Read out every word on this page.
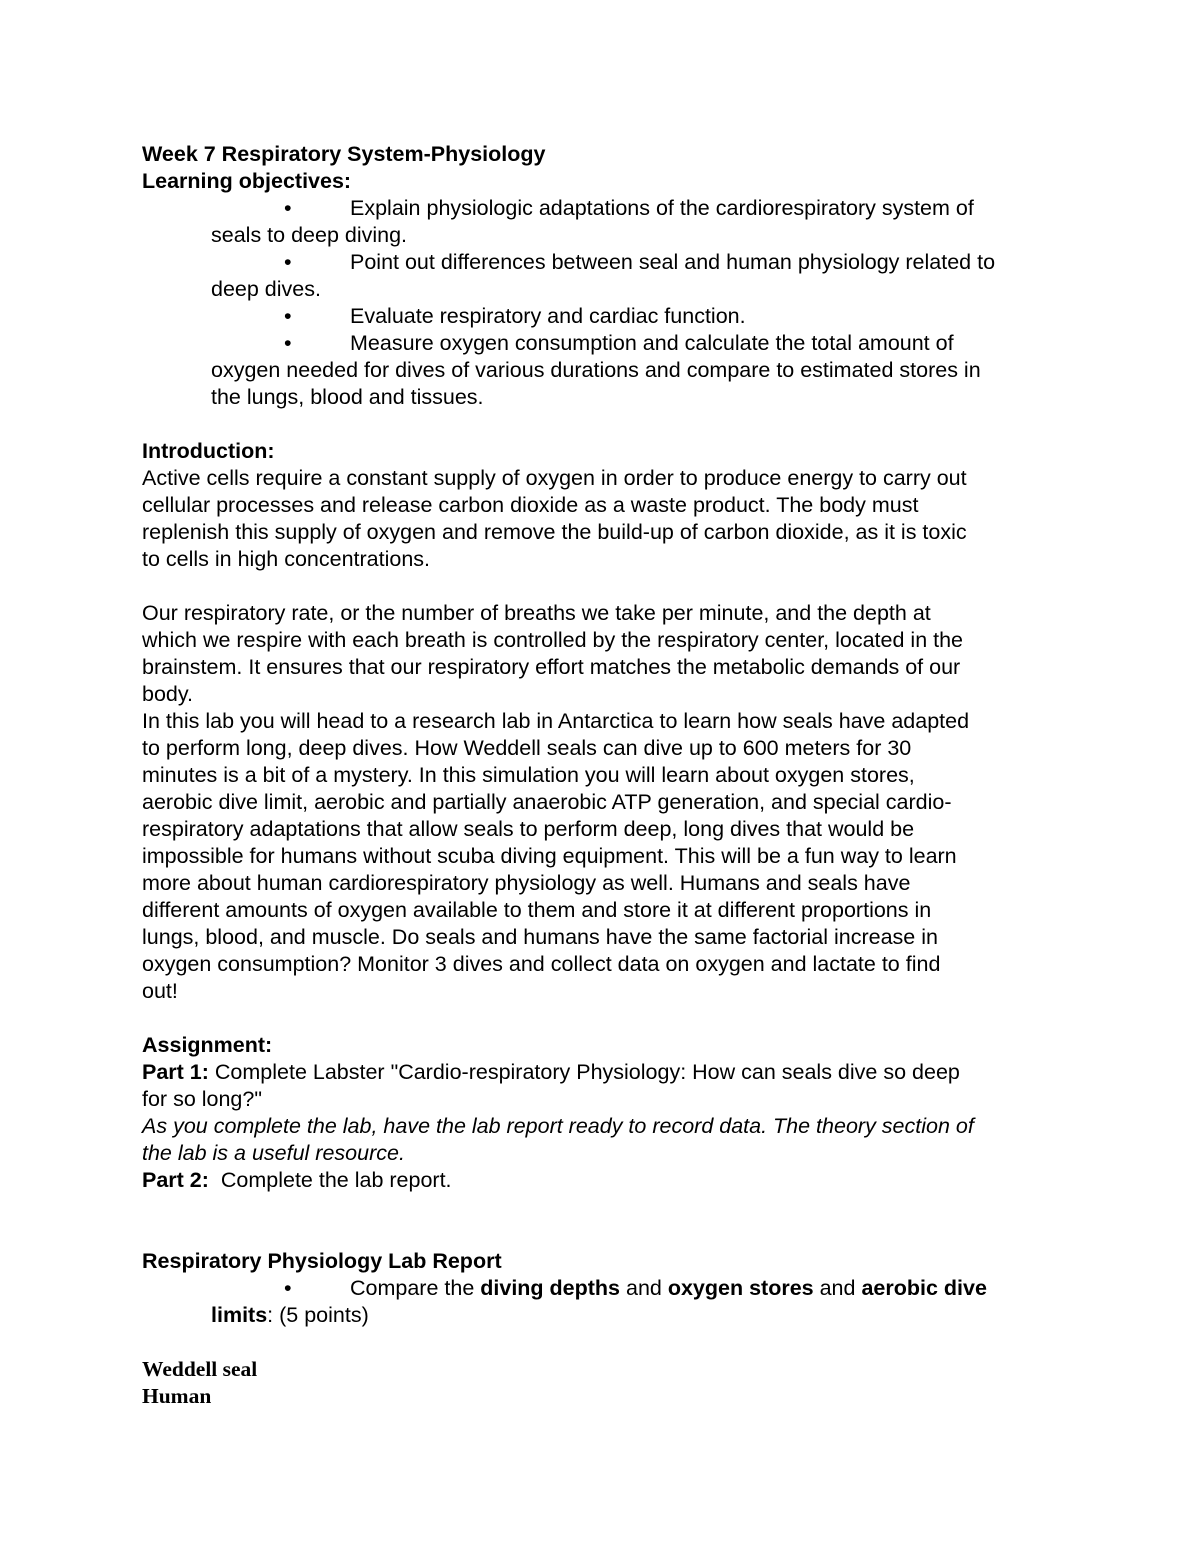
Week 7 Respiratory System-Physiology

Learning objectives:

•	Explain physiologic adaptations of the cardiorespiratory system of
seals to deep diving.
•	Point out differences between seal and human physiology related to
deep dives.
•	Evaluate respiratory and cardiac function.
•	Measure oxygen consumption and calculate the total amount of
oxygen needed for dives of various durations and compare to estimated stores in
the lungs, blood and tissues.

Introduction:

Active cells require a constant supply of oxygen in order to produce energy to carry out

cellular processes and release carbon dioxide as a waste product. The body must

replenish this supply of oxygen and remove the build-up of carbon dioxide, as it is toxic

to cells in high concentrations.

Our respiratory rate, or the number of breaths we take per minute, and the depth at

which we respire with each breath is controlled by the respiratory center, located in the

brainstem. It ensures that our respiratory effort matches the metabolic demands of our

body.

In this lab you will head to a research lab in Antarctica to learn how seals have adapted

to perform long, deep dives. How Weddell seals can dive up to 600 meters for 30

minutes is a bit of a mystery. In this simulation you will learn about oxygen stores,

aerobic dive limit, aerobic and partially anaerobic ATP generation, and special cardio-

respiratory adaptations that allow seals to perform deep, long dives that would be

impossible for humans without scuba diving equipment. This will be a fun way to learn

more about human cardiorespiratory physiology as well. Humans and seals have

different amounts of oxygen available to them and store it at different proportions in

lungs, blood, and muscle. Do seals and humans have the same factorial increase in

oxygen consumption? Monitor 3 dives and collect data on oxygen and lactate to find

out!

Assignment:

Part 1: Complete Labster "Cardio-respiratory Physiology: How can seals dive so deep

for so long?"

As you complete the lab, have the lab report ready to record data. The theory section of

the lab is a useful resource.

Part 2:  Complete the lab report.

Respiratory Physiology Lab Report

•	Compare the diving depths and oxygen stores and aerobic dive
limits: (5 points)

Weddell seal

Human
